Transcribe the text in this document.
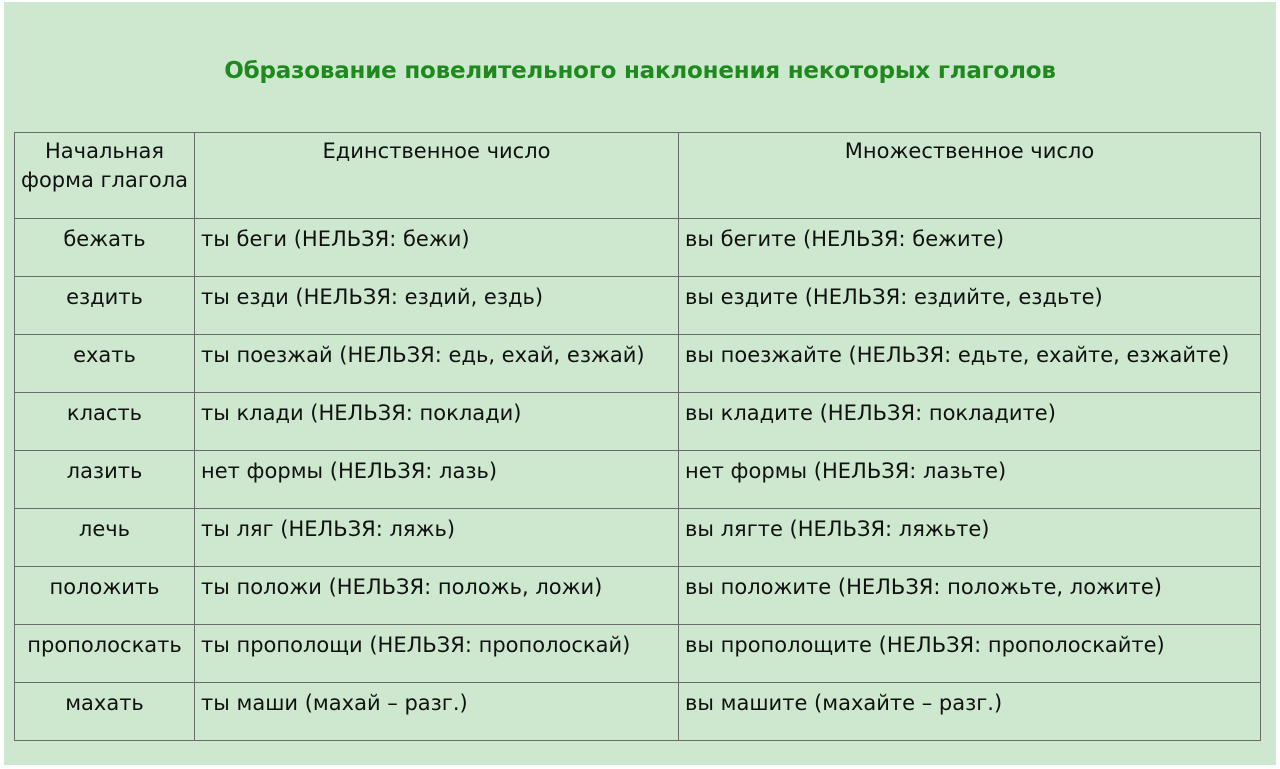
Образование повелительного наклонения некоторых глаголов
Начальная форма глагола	Единственное число	Множественное число
бежать	ты беги (НЕЛЬЗЯ: бежи)	вы бегите (НЕЛЬЗЯ: бежите)
ездить	ты езди (НЕЛЬЗЯ: ездий, ездь)	вы ездите (НЕЛЬЗЯ: ездийте, ездьте)
ехать	ты поезжай (НЕЛЬЗЯ: едь, ехай, езжай)	вы поезжайте (НЕЛЬЗЯ: едьте, ехайте, езжайте)
класть	ты клади (НЕЛЬЗЯ: поклади)	вы кладите (НЕЛЬЗЯ: покладите)
лазить	нет формы (НЕЛЬЗЯ: лазь)	нет формы (НЕЛЬЗЯ: лазьте)
лечь	ты ляг (НЕЛЬЗЯ: ляжь)	вы лягте (НЕЛЬЗЯ: ляжьте)
положить	ты положи (НЕЛЬЗЯ: положь, ложи)	вы положите (НЕЛЬЗЯ: положьте, ложите)
прополоскать	ты прополощи (НЕЛЬЗЯ: прополоскай)	вы прополощите (НЕЛЬЗЯ: прополоскайте)
махать	ты маши (махай – разг.)	вы машите (махайте – разг.)
